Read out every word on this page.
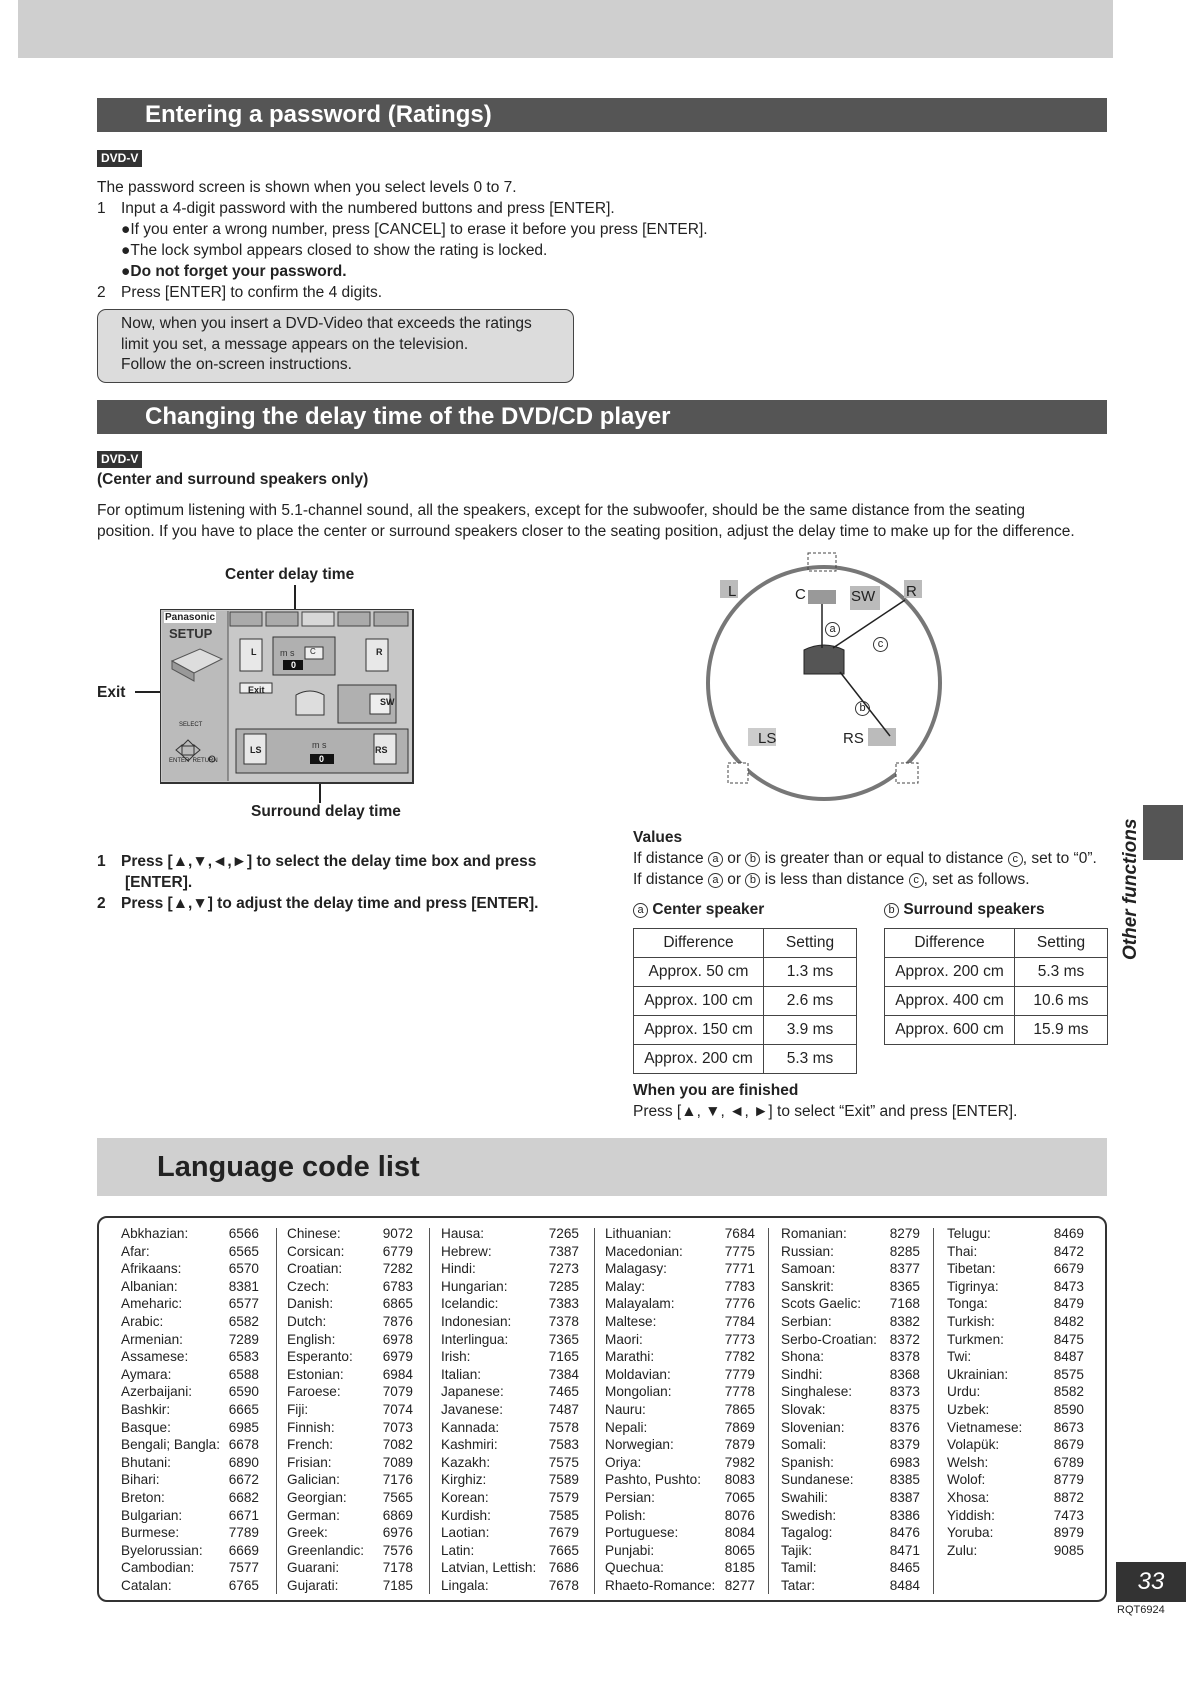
Entering a password (Ratings)
DVD-V
The password screen is shown when you select levels 0 to 7.
1 Input a 4-digit password with the numbered buttons and press [ENTER].
●If you enter a wrong number, press [CANCEL] to erase it before you press [ENTER].
●The lock symbol appears closed to show the rating is locked.
●Do not forget your password.
2 Press [ENTER] to confirm the 4 digits.
Now, when you insert a DVD-Video that exceeds the ratings
limit you set, a message appears on the television.
Follow the on-screen instructions.
Changing the delay time of the DVD/CD player
DVD-V
(Center and surround speakers only)
For optimum listening with 5.1-channel sound, all the speakers, except for the subwoofer, should be the same distance from the seating
position. If you have to place the center or surround speakers closer to the seating position, adjust the delay time to make up for the difference.
Center delay time
Exit
Surround delay time
Panasonic
SETUP
L	R
m s C
0
Exit
SW
SELECT
ENTER  RETURN
LS	RS
m s
0
L	C	SW R
LS	RS
a
c
b
1 Press [▲,▼,◄,►] to select the delay time box and press
[ENTER].
2 Press [▲,▼] to adjust the delay time and press [ENTER].
Values
If distance a or b is greater than or equal to distance c , set to “0”.
If distance a or b is less than distance c , set as follows.
a Center speaker
Difference	Setting
Approx. 50 cm	1.3 ms
Approx. 100 cm	2.6 ms
Approx. 150 cm	3.9 ms
Approx. 200 cm	5.3 ms
b Surround speakers
Difference	Setting
Approx. 200 cm	5.3 ms
Approx. 400 cm	10.6 ms
Approx. 600 cm	15.9 ms
When you are finished
Press [▲, ▼, ◄, ►] to select “Exit” and press [ENTER].
Language code list
Abkhazian:	6566
Afar:	6565
Afrikaans:	6570
Albanian:	8381
Ameharic:	6577
Arabic:	6582
Armenian:	7289
Assamese:	6583
Aymara:	6588
Azerbaijani:	6590
Bashkir:	6665
Basque:	6985
Bengali; Bangla: 6678
Bhutani:	6890
Bihari:	6672
Breton:	6682
Bulgarian:	6671
Burmese:	7789
Byelorussian: 6669
Cambodian:	7577
Catalan:	6765
Chinese:	9072
Corsican:	6779
Croatian:	7282
Czech:	6783
Danish:	6865
Dutch:	7876
English:	6978
Esperanto: 6979
Estonian:	6984
Faroese:	7079
Fiji:	7074
Finnish:	7073
French:	7082
Frisian:	7089
Galician:	7176
Georgian:	7565
German:	6869
Greek:	6976
Greenlandic: 7576
Guarani:	7178
Gujarati:	7185
Hausa:	7265
Hebrew:	7387
Hindi:	7273
Hungarian:	7285
Icelandic:	7383
Indonesian:	7378
Interlingua:	7365
Irish:	7165
Italian:	7384
Japanese:	7465
Javanese:	7487
Kannada:	7578
Kashmiri:	7583
Kazakh:	7575
Kirghiz:	7589
Korean:	7579
Kurdish:	7585
Laotian:	7679
Latin:	7665
Latvian, Lettish: 7686
Lingala:	7678
Lithuanian:	7684
Macedonian:	7775
Malagasy:	7771
Malay:	7783
Malayalam:	7776
Maltese:	7784
Maori:	7773
Marathi:	7782
Moldavian:	7779
Mongolian:	7778
Nauru:	7865
Nepali:	7869
Norwegian:	7879
Oriya:	7982
Pashto, Pushto: 8083
Persian:	7065
Polish:	8076
Portuguese:	8084
Punjabi:	8065
Quechua:	8185
Rhaeto-Romance: 8277
Romanian:	8279
Russian:	8285
Samoan:	8377
Sanskrit:	8365
Scots Gaelic: 7168
Serbian:	8382
Serbo-Croatian: 8372
Shona:	8378
Sindhi:	8368
Singhalese:	8373
Slovak:	8375
Slovenian:	8376
Somali:	8379
Spanish:	6983
Sundanese:	8385
Swahili:	8387
Swedish:	8386
Tagalog:	8476
Tajik:	8471
Tamil:	8465
Tatar:	8484
Telugu:	8469
Thai:	8472
Tibetan:	6679
Tigrinya:	8473
Tonga:	8479
Turkish:	8482
Turkmen:	8475
Twi:	8487
Ukrainian:	8575
Urdu:	8582
Uzbek:	8590
Vietnamese: 8673
Volapük:	8679
Welsh:	6789
Wolof:	8779
Xhosa:	8872
Yiddish:	7473
Yoruba:	8979
Zulu:	9085
Other functions
33
RQT6924
